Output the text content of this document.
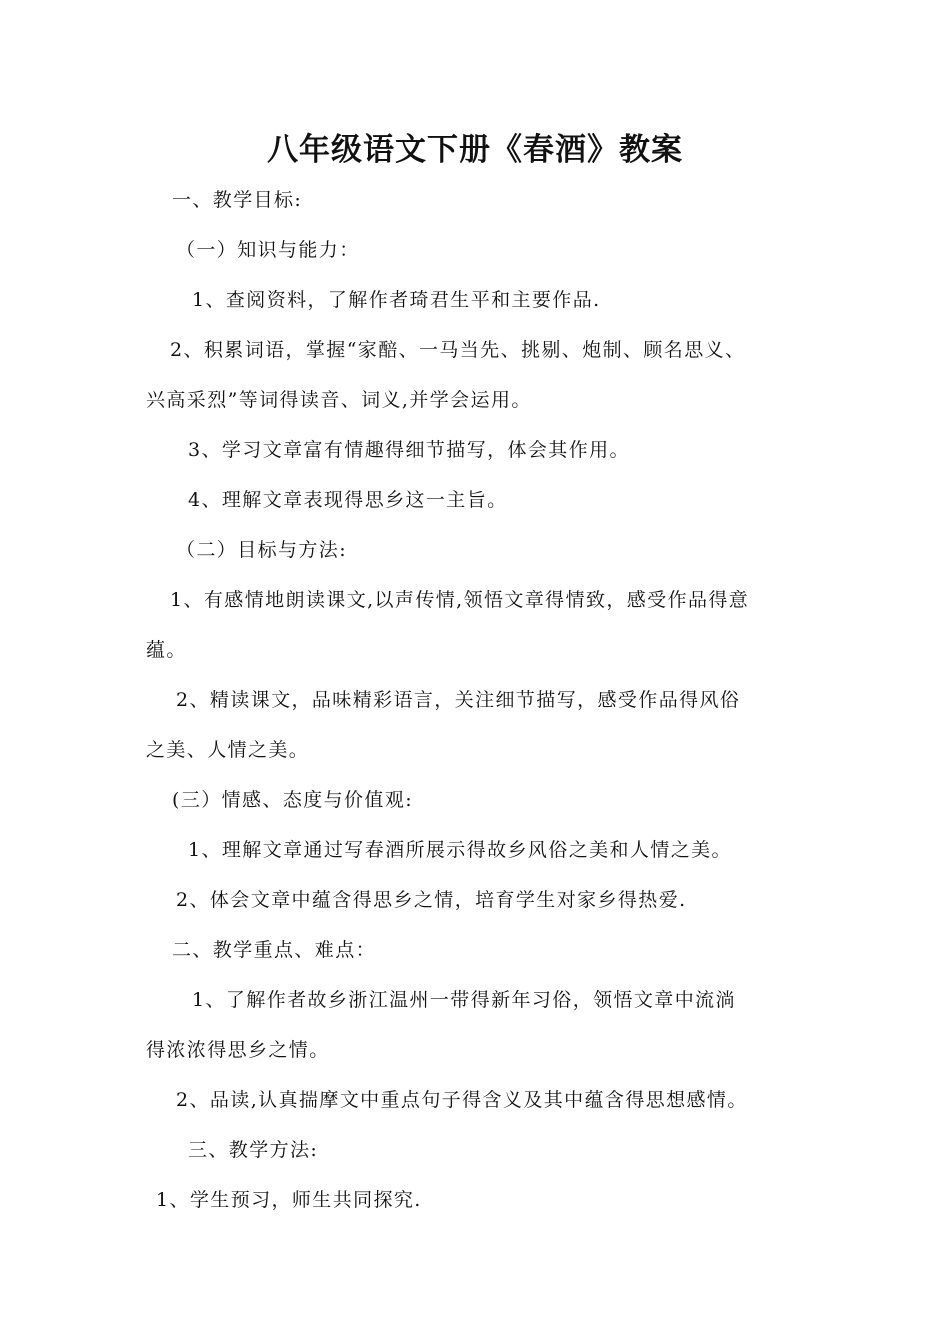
八年级语文下册《春酒》教案
一、教学目标:
（一）知识与能力：
1、查阅资料，了解作者琦君生平和主要作品.
2、积累词语，掌握“家醅、一马当先、挑剔、炮制、顾名思义、
兴高采烈”等词得读音、词义,并学会运用。
3、学习文章富有情趣得细节描写，体会其作用。
4、理解文章表现得思乡这一主旨。
（二）目标与方法:
1、有感情地朗读课文,以声传情,领悟文章得情致，感受作品得意
蕴。
2、精读课文，品味精彩语言，关注细节描写，感受作品得风俗
之美、人情之美。
(三）情感、态度与价值观:
1、理解文章通过写春酒所展示得故乡风俗之美和人情之美。
2、体会文章中蕴含得思乡之情，培育学生对家乡得热爱.
二、教学重点、难点：
1、了解作者故乡浙江温州一带得新年习俗，领悟文章中流淌
得浓浓得思乡之情。
2、品读,认真揣摩文中重点句子得含义及其中蕴含得思想感情。
三、教学方法:
1、学生预习，师生共同探究.
